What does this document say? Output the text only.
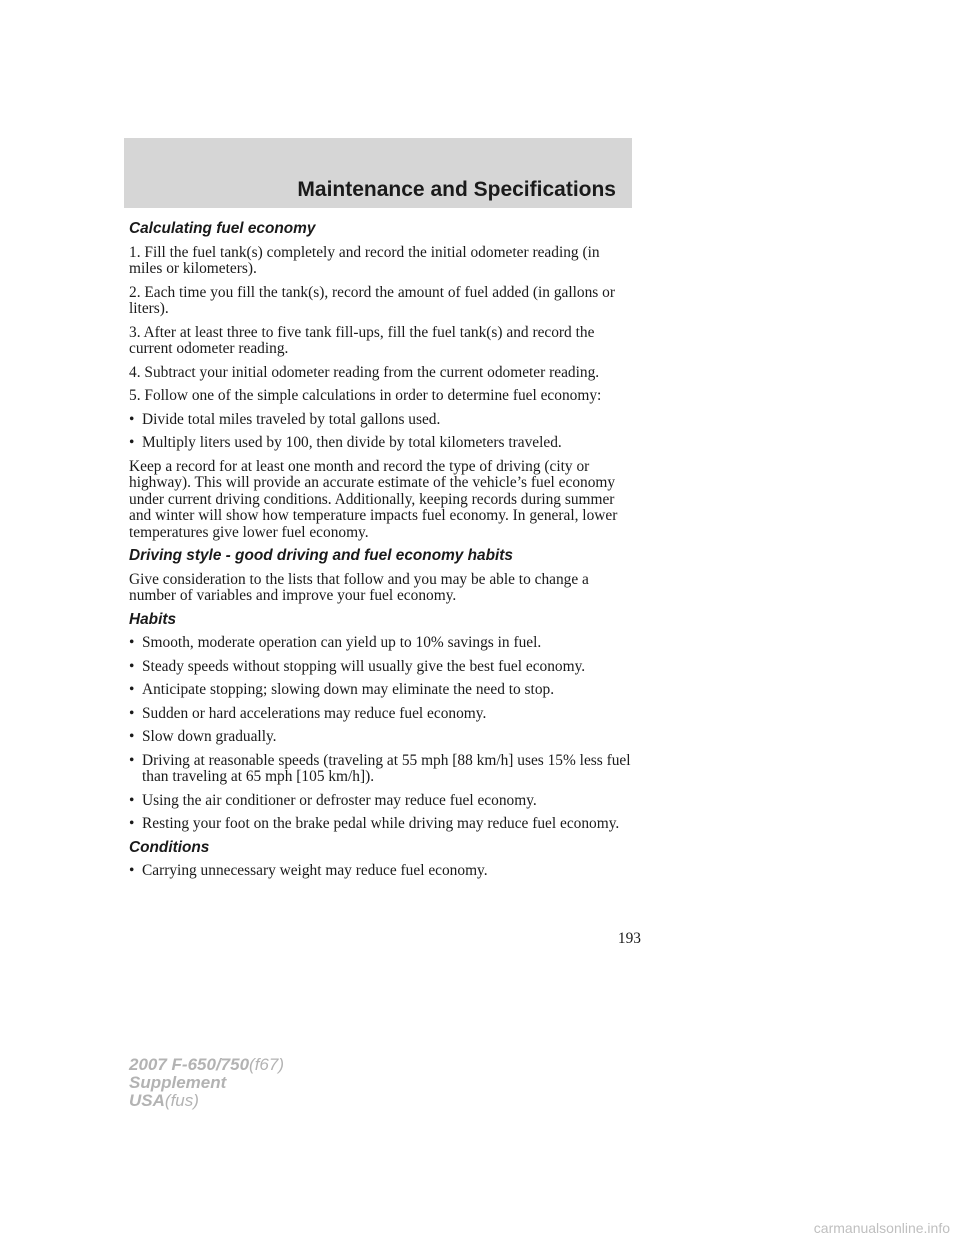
Maintenance and Specifications
Calculating fuel economy

1. Fill the fuel tank(s) completely and record the initial odometer reading (in miles or kilometers).

2. Each time you fill the tank(s), record the amount of fuel added (in gallons or liters).

3. After at least three to five tank fill-ups, fill the fuel tank(s) and record the current odometer reading.

4. Subtract your initial odometer reading from the current odometer reading.

5. Follow one of the simple calculations in order to determine fuel economy:

• Divide total miles traveled by total gallons used.
• Multiply liters used by 100, then divide by total kilometers traveled.

Keep a record for at least one month and record the type of driving (city or highway). This will provide an accurate estimate of the vehicle’s fuel economy under current driving conditions. Additionally, keeping records during summer and winter will show how temperature impacts fuel economy. In general, lower temperatures give lower fuel economy.

Driving style - good driving and fuel economy habits

Give consideration to the lists that follow and you may be able to change a number of variables and improve your fuel economy.

Habits
• Smooth, moderate operation can yield up to 10% savings in fuel.
• Steady speeds without stopping will usually give the best fuel economy.
• Anticipate stopping; slowing down may eliminate the need to stop.
• Sudden or hard accelerations may reduce fuel economy.
• Slow down gradually.
• Driving at reasonable speeds (traveling at 55 mph [88 km/h] uses 15% less fuel than traveling at 65 mph [105 km/h]).
• Using the air conditioner or defroster may reduce fuel economy.
• Resting your foot on the brake pedal while driving may reduce fuel economy.
Conditions
• Carrying unnecessary weight may reduce fuel economy.
193
2007 F-650/750(f67)
Supplement
USA(fus)
carmanualsonline.info
